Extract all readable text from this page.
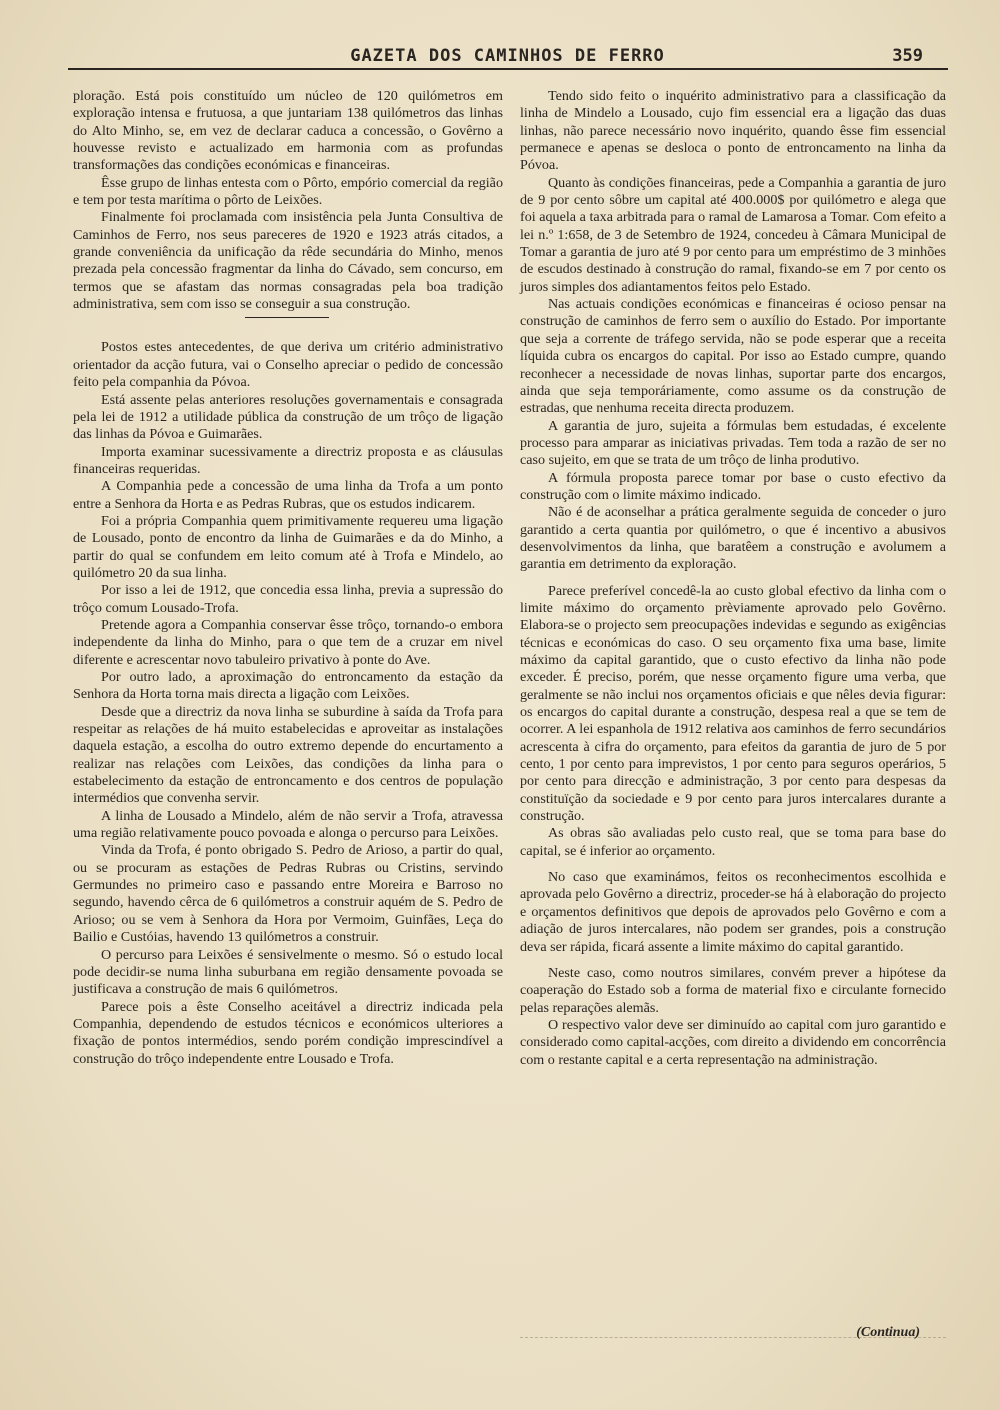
GAZETA DOS CAMINHOS DE FERRO	359

ploração. Está pois constituído um núcleo de 120 quilómetros em exploração intensa e frutuosa, a que juntariam 138 quilómetros das linhas do Alto Minho, se, em vez de declarar caduca a concessão, o Govêrno a houvesse revisto e actualizado em harmonia com as profundas transformações das condições económicas e financeiras.

Êsse grupo de linhas entesta com o Pôrto, empório comercial da região e tem por testa marítima o pôrto de Leixões.

Finalmente foi proclamada com insistência pela Junta Consultiva de Caminhos de Ferro, nos seus pareceres de 1920 e 1923 atrás citados, a grande conveniência da unificação da rêde secundária do Minho, menos prezada pela concessão fragmentar da linha do Cávado, sem concurso, em termos que se afastam das normas consagradas pela boa tradição administrativa, sem com isso se conseguir a sua construção.

Postos estes antecedentes, de que deriva um critério administrativo orientador da acção futura, vai o Conselho apreciar o pedido de concessão feito pela companhia da Póvoa.

Está assente pelas anteriores resoluções governamentais e consagrada pela lei de 1912 a utilidade pública da construção de um trôço de ligação das linhas da Póvoa e Guimarães.

Importa examinar sucessivamente a directriz proposta e as cláusulas financeiras requeridas.

A Companhia pede a concessão de uma linha da Trofa a um ponto entre a Senhora da Horta e as Pedras Rubras, que os estudos indicarem.

Foi a própria Companhia quem primitivamente requereu uma ligação de Lousado, ponto de encontro da linha de Guimarães e da do Minho, a partir do qual se confundem em leito comum até à Trofa e Mindelo, ao quilómetro 20 da sua linha.

Por isso a lei de 1912, que concedia essa linha, previa a supressão do trôço comum Lousado-Trofa.

Pretende agora a Companhia conservar êsse trôço, tornando-o embora independente da linha do Minho, para o que tem de a cruzar em nivel diferente e acrescentar novo tabuleiro privativo à ponte do Ave.

Por outro lado, a aproximação do entroncamento da estação da Senhora da Horta torna mais directa a ligação com Leixões.

Desde que a directriz da nova linha se suburdine à saída da Trofa para respeitar as relações de há muito estabelecidas e aproveitar as instalações daquela estação, a escolha do outro extremo depende do encurtamento a realizar nas relações com Leixões, das condições da linha para o estabelecimento da estação de entroncamento e dos centros de população intermédios que convenha servir.

A linha de Lousado a Mindelo, além de não servir a Trofa, atravessa uma região relativamente pouco povoada e alonga o percurso para Leixões.

Vinda da Trofa, é ponto obrigado S. Pedro de Arioso, a partir do qual, ou se procuram as estações de Pedras Rubras ou Cristins, servindo Germundes no primeiro caso e passando entre Moreira e Barroso no segundo, havendo cêrca de 6 quilómetros a construir aquém de S. Pedro de Arioso; ou se vem à Senhora da Hora por Vermoim, Guinfães, Leça do Bailio e Custóias, havendo 13 quilómetros a construir.

O percurso para Leixões é sensivelmente o mesmo. Só o estudo local pode decidir-se numa linha suburbana em região densamente povoada se justificava a construção de mais 6 quilómetros.

Parece pois a êste Conselho aceitável a directriz indicada pela Companhia, dependendo de estudos técnicos e económicos ulteriores a fixação de pontos intermédios, sendo porém condição imprescindível a construção do trôço independente entre Lousado e Trofa.

Tendo sido feito o inquérito administrativo para a classificação da linha de Mindelo a Lousado, cujo fim essencial era a ligação das duas linhas, não parece necessário novo inquérito, quando êsse fim essencial permanece e apenas se desloca o ponto de entroncamento na linha da Póvoa.

Quanto às condições financeiras, pede a Companhia a garantia de juro de 9 por cento sôbre um capital até 400.000$ por quilómetro e alega que foi aquela a taxa arbitrada para o ramal de Lamarosa a Tomar. Com efeito a lei n.º 1:658, de 3 de Setembro de 1924, concedeu à Câmara Municipal de Tomar a garantia de juro até 9 por cento para um empréstimo de 3 minhões de escudos destinado à construção do ramal, fixando-se em 7 por cento os juros simples dos adiantamentos feitos pelo Estado.

Nas actuais condições económicas e financeiras é ocioso pensar na construção de caminhos de ferro sem o auxílio do Estado. Por importante que seja a corrente de tráfego servida, não se pode esperar que a receita líquida cubra os encargos do capital. Por isso ao Estado cumpre, quando reconhecer a necessidade de novas linhas, suportar parte dos encargos, ainda que seja temporáriamente, como assume os da construção de estradas, que nenhuma receita directa produzem.

A garantia de juro, sujeita a fórmulas bem estudadas, é excelente processo para amparar as iniciativas privadas. Tem toda a razão de ser no caso sujeito, em que se trata de um trôço de linha produtivo.

A fórmula proposta parece tomar por base o custo efectivo da construção com o limite máximo indicado.

Não é de aconselhar a prática geralmente seguida de conceder o juro garantido a certa quantia por quilómetro, o que é incentivo a abusivos desenvolvimentos da linha, que baratêem a construção e avolumem a garantia em detrimento da exploração.

Parece preferível concedê-la ao custo global efectivo da linha com o limite máximo do orçamento prèviamente aprovado pelo Govêrno. Elabora-se o projecto sem preocupações indevidas e segundo as exigências técnicas e económicas do caso. O seu orçamento fixa uma base, limite máximo da capital garantido, que o custo efectivo da linha não pode exceder. É preciso, porém, que nesse orçamento figure uma verba, que geralmente se não inclui nos orçamentos oficiais e que nêles devia figurar: os encargos do capital durante a construção, despesa real a que se tem de ocorrer. A lei espanhola de 1912 relativa aos caminhos de ferro secundários acrescenta à cifra do orçamento, para efeitos da garantia de juro de 5 por cento, 1 por cento para imprevistos, 1 por cento para seguros operários, 5 por cento para direcção e administração, 3 por cento para despesas da constituïção da sociedade e 9 por cento para juros intercalares durante a construção.

As obras são avaliadas pelo custo real, que se toma para base do capital, se é inferior ao orçamento.

No caso que examinámos, feitos os reconhecimentos escolhida e aprovada pelo Govêrno a directriz, proceder-se há à elaboração do projecto e orçamentos definitivos que depois de aprovados pelo Govêrno e com a adiação de juros intercalares, não podem ser grandes, pois a construção deva ser rápida, ficará assente a limite máximo do capital garantido.

Neste caso, como noutros similares, convém prever a hipótese da coaperação do Estado sob a forma de material fixo e circulante fornecido pelas reparações alemãs.

O respectivo valor deve ser diminuído ao capital com juro garantido e considerado como capital-acções, com direito a dividendo em concorrência com o restante capital e a certa representação na administração.

(Continua)
